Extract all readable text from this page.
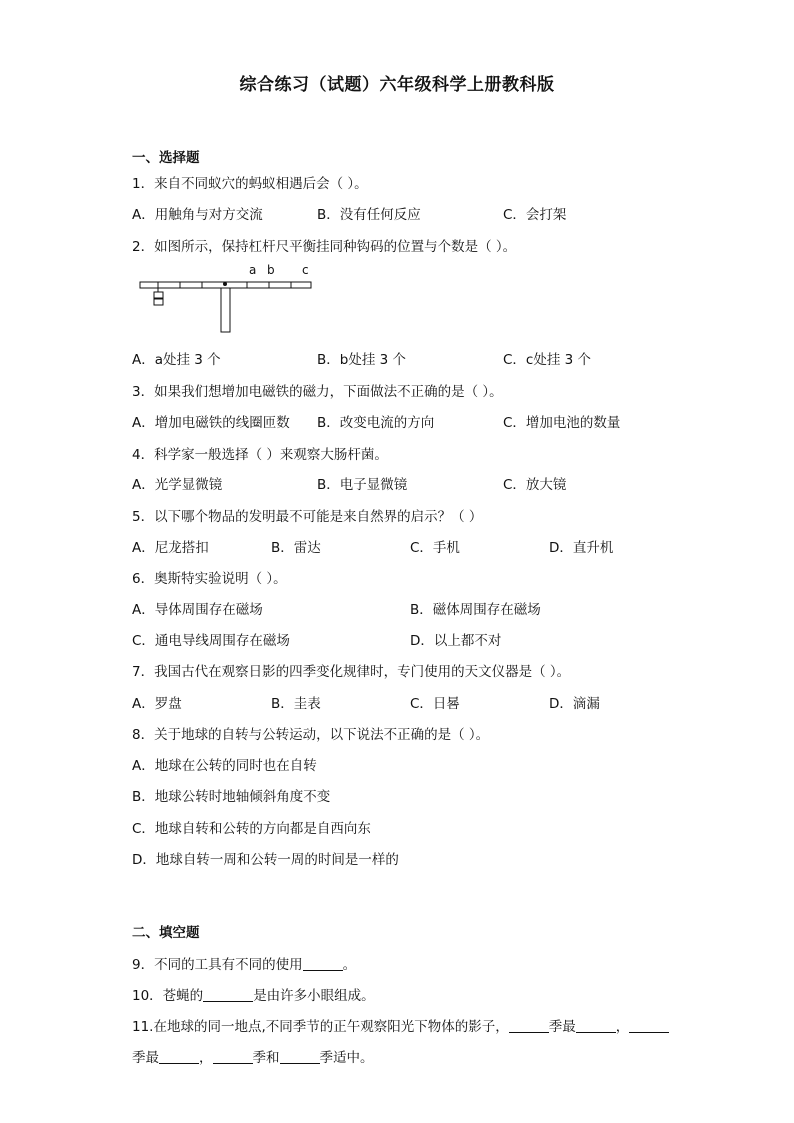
综合练习（试题）六年级科学上册教科版
一、选择题
1．来自不同蚁穴的蚂蚁相遇后会（ ）。
A．用触角与对方交流	B．没有任何反应	C．会打架
2．如图所示，保持杠杆尺平衡挂同种钩码的位置与个数是（ ）。
a b c
A．a处挂 3 个	B．b处挂 3 个	C．c处挂 3 个
3．如果我们想增加电磁铁的磁力，下面做法不正确的是（ ）。
A．增加电磁铁的线圈匝数 B．改变电流的方向	C．增加电池的数量
4．科学家一般选择（ ）来观察大肠杆菌。
A．光学显微镜	B．电子显微镜	C．放大镜
5．以下哪个物品的发明最不可能是来自然界的启示？（ ）
A．尼龙搭扣	B．雷达	C．手机	D．直升机
6．奥斯特实验说明（ ）。
A．导体周围存在磁场	B．磁体周围存在磁场
C．通电导线周围存在磁场	D．以上都不对
7．我国古代在观察日影的四季变化规律时，专门使用的天文仪器是（ ）。
A．罗盘	B．圭表	C．日晷	D．滴漏
8．关于地球的自转与公转运动，以下说法不正确的是（ ）。
A．地球在公转的同时也在自转
B．地球公转时地轴倾斜角度不变
C．地球自转和公转的方向都是自西向东
D．地球自转一周和公转一周的时间是一样的
二、填空题
9．不同的工具有不同的使用	。
10．苍蝇的	是由许多小眼组成。
11.在地球的同一地点,不同季节的正午观察阳光下物体的影子，	季最	，
季最	，	季和	季适中。
